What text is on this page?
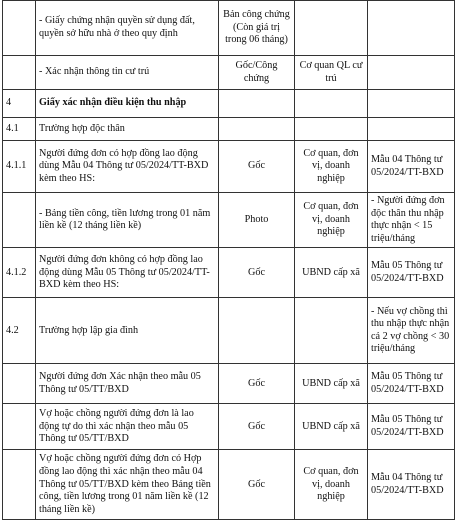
	- Giấy chứng nhận quyền sử dụng đất, quyền sở hữu nhà ở theo quy định	Bản công chứng (Còn giá trị trong 06 tháng)		
	- Xác nhận thông tin cư trú	Gốc/Công chứng	Cơ quan QL cư trú	
4	Giấy xác nhận điều kiện thu nhập			
4.1	Trường hợp độc thân			
4.1.1	Người đứng đơn có hợp đồng lao động dùng Mẫu 04 Thông tư 05/2024/TT-BXD kèm theo HS:	Gốc	Cơ quan, đơn vị, doanh nghiệp	Mẫu 04 Thông tư 05/2024/TT-BXD
	- Bảng tiền công, tiền lương trong 01 năm liền kề (12 tháng liền kề)	Photo	Cơ quan, đơn vị, doanh nghiệp	- Người đứng đơn độc thân thu nhập thực nhận < 15 triệu/tháng
4.1.2	Người đứng đơn không có hợp đồng lao động dùng Mẫu 05 Thông tư 05/2024/TT-BXD kèm theo HS:	Gốc	UBND cấp xã	Mẫu 05 Thông tư 05/2024/TT-BXD
4.2	Trường hợp lập gia đình			- Nếu vợ chồng thì thu nhập thực nhận cả 2 vợ chồng < 30 triệu/tháng
	Người đứng đơn Xác nhận theo mẫu 05 Thông tư 05/TT/BXD	Gốc	UBND cấp xã	Mẫu 05 Thông tư 05/2024/TT-BXD
	Vợ hoặc chồng người đứng đơn là lao động tự do thì xác nhận theo mẫu 05 Thông tư 05/TT/BXD	Gốc	UBND cấp xã	Mẫu 05 Thông tư 05/2024/TT-BXD
	Vợ hoặc chồng người đứng đơn có Hợp đồng lao động thì xác nhận theo mẫu 04 Thông tư 05/TT/BXD kèm theo Bảng tiền công, tiền lương trong 01 năm liền kề (12 tháng liền kề)	Gốc	Cơ quan, đơn vị, doanh nghiệp	Mẫu 04 Thông tư 05/2024/TT-BXD
